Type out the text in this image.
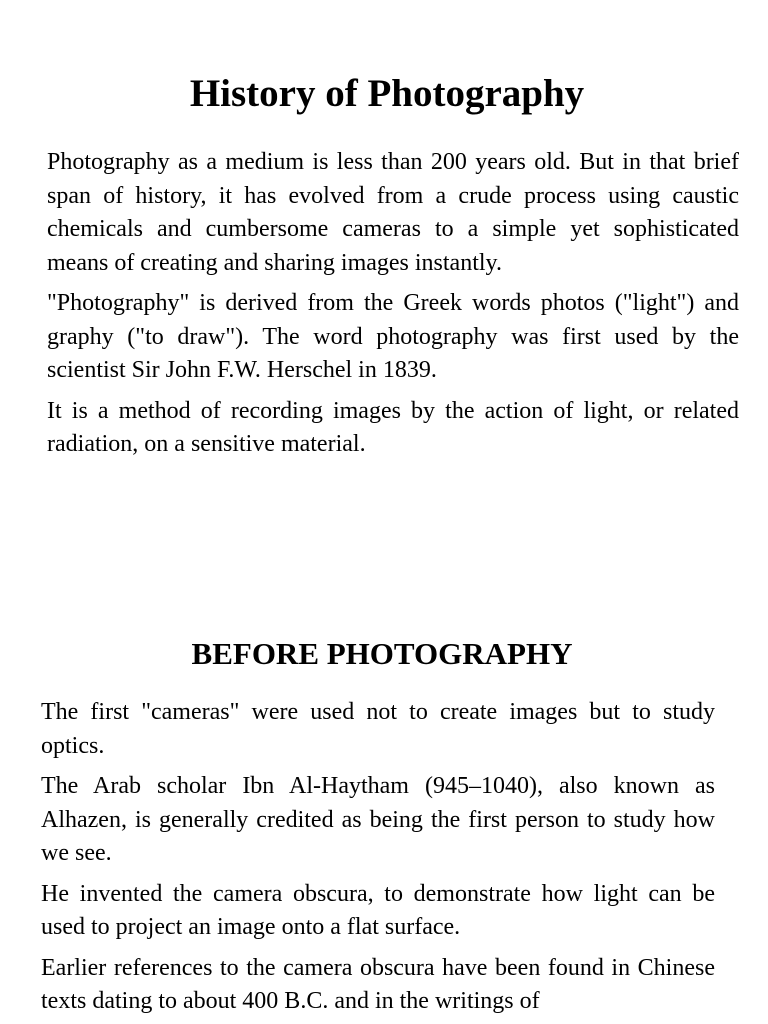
History of Photography

Photography as a medium is less than 200 years old. But in that brief span of history, it has evolved from a crude process using caustic chemicals and cumbersome cameras to a simple yet sophisticated means of creating and sharing images instantly.

"Photography" is derived from the Greek words photos ("light") and graphy ("to draw"). The word photography was first used by the scientist Sir John F.W. Herschel in 1839.

It is a method of recording images by the action of light, or related radiation, on a sensitive material.

BEFORE PHOTOGRAPHY

The first "cameras" were used not to create images but to study optics.

The Arab scholar Ibn Al-Haytham (945–1040), also known as Alhazen, is generally credited as being the first person to study how we see.

He invented the camera obscura, to demonstrate how light can be used to project an image onto a flat surface.

Earlier references to the camera obscura have been found in Chinese texts dating to about 400 B.C. and in the writings of
